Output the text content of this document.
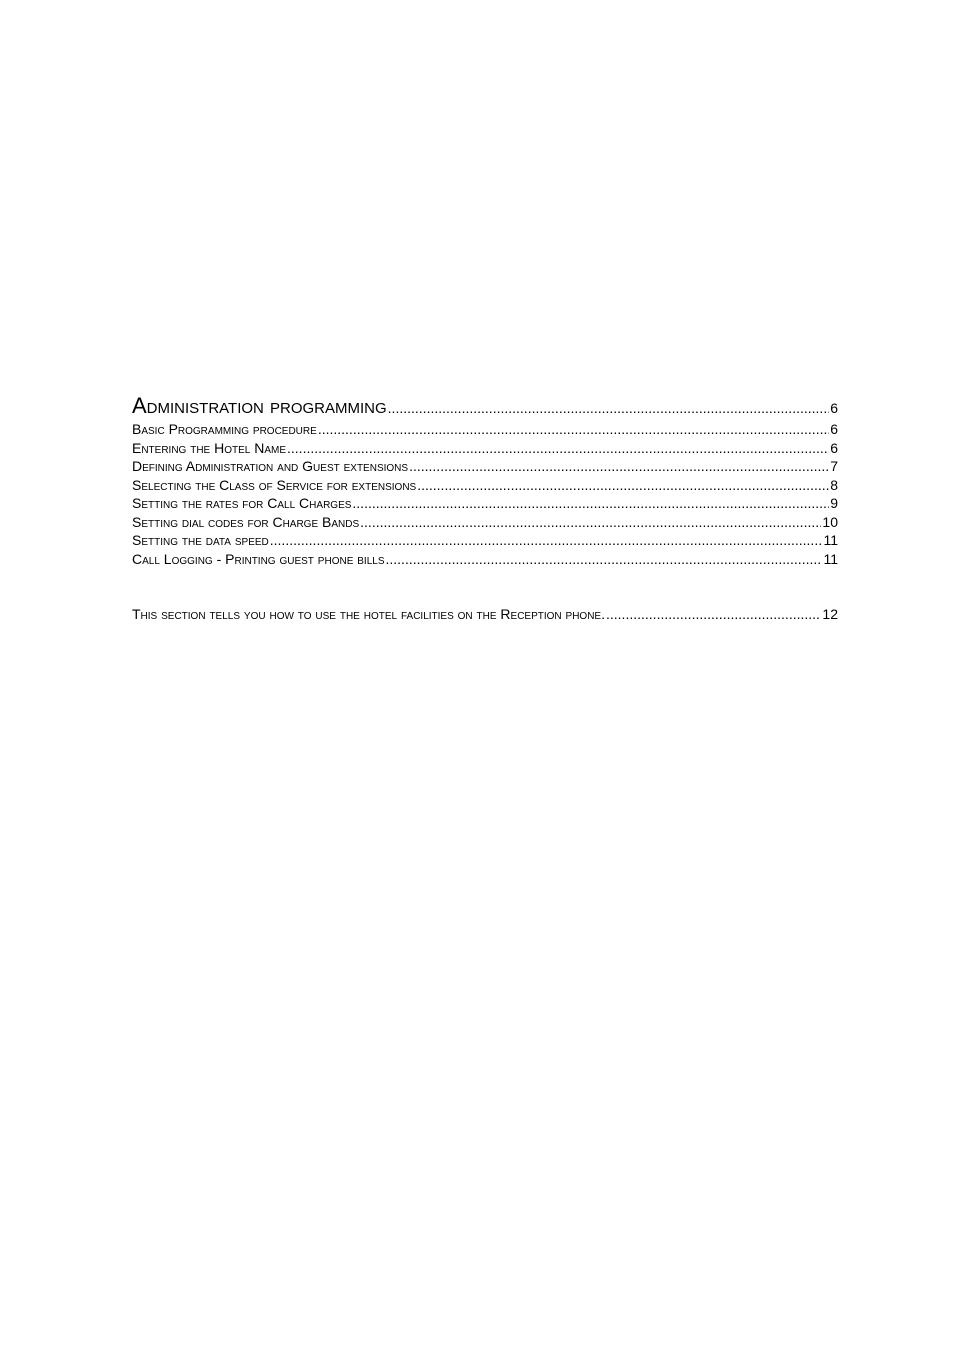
Administration programming .....	6
Basic Programming procedure .....	6
Entering the Hotel Name .....	6
Defining Administration and Guest extensions .....	7
Selecting the Class of Service for extensions .....	8
Setting the rates for Call Charges .....	9
Setting dial codes for Charge Bands .....	10
Setting the data speed .....	11
Call Logging - Printing guest phone bills .....	11
This section tells you how to use the hotel facilities on the Reception phone. .....	12
